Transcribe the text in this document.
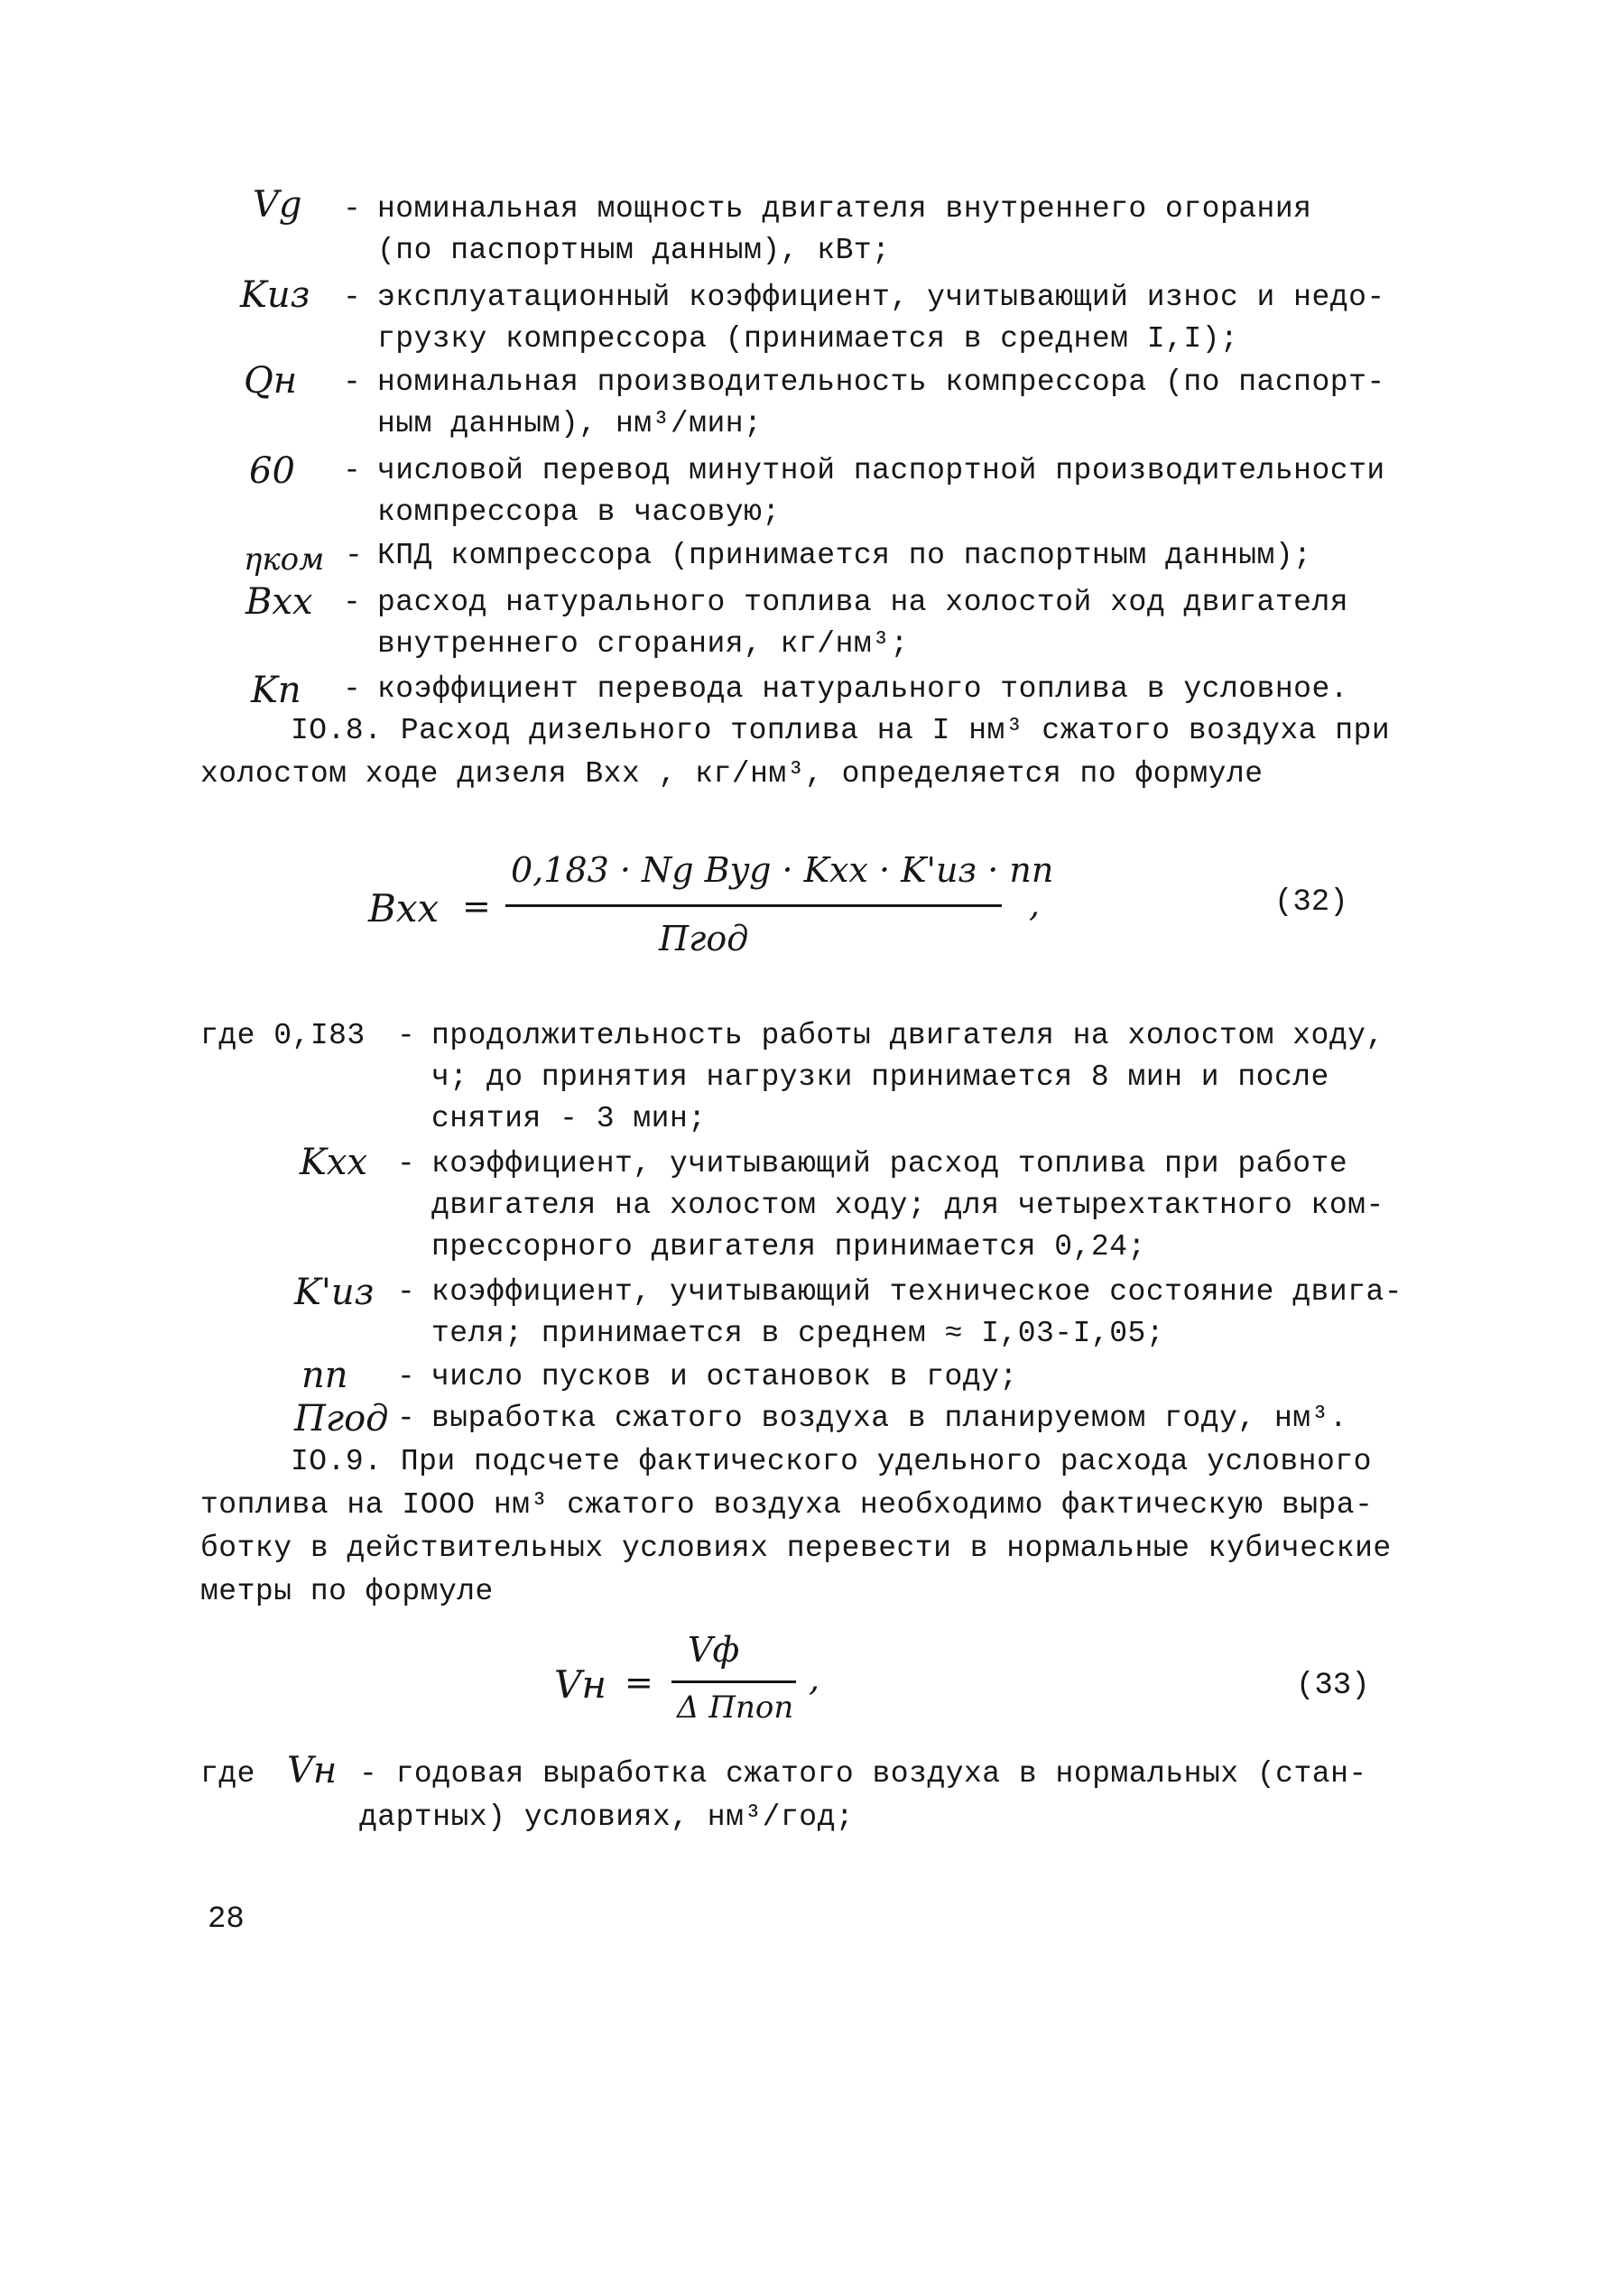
Vg - номинальная мощность двигателя внутреннего огорания
(по паспортным данным), кВт;
Kиз - эксплуатационный коэффициент, учитывающий износ и недо-
грузку компрессора (принимается в среднем I,I);
Qн - номинальная производительность компрессора (по паспорт-
ным данным), нм³/мин;
60 - числовой перевод минутной паспортной производительности
компрессора в часовую;
ηком - КПД компрессора (принимается по паспортным данным);
Bхх - расход натурального топлива на холостой ход двигателя
внутреннего сгорания, кг/нм³;
Kп - коэффициент перевода натурального топлива в условное.
IO.8. Расход дизельного топлива на I нм³ сжатого воздуха при
холостом ходе дизеля Bхх , кг/нм³, определяется по формуле
Bхх =
0,183 · Ng Byg · Kхх · K'из · nп
Пгод
,	(32)
где 0,I83 - продолжительность работы двигателя на холостом ходу,
ч; до принятия нагрузки принимается 8 мин и после
снятия - 3 мин;
Kхх - коэффициент, учитывающий расход топлива при работе
двигателя на холостом ходу; для четырехтактного ком-
прессорного двигателя принимается 0,24;
K'из - коэффициент, учитывающий техническое состояние двига-
теля; принимается в среднем ≈ I,03-I,05;
nп - число пусков и остановок в году;
Пгод - выработка сжатого воздуха в планируемом году, нм³.
IO.9. При подсчете фактического удельного расхода условного
топлива на IOOO нм³ сжатого воздуха необходимо фактическую выра-
ботку в действительных условиях перевести в нормальные кубические
метры по формуле
Vн =
Vф
Δ Ппоп
,	(33)
где Vн - годовая выработка сжатого воздуха в нормальных (стан-
дартных) условиях, нм³/год;
28
